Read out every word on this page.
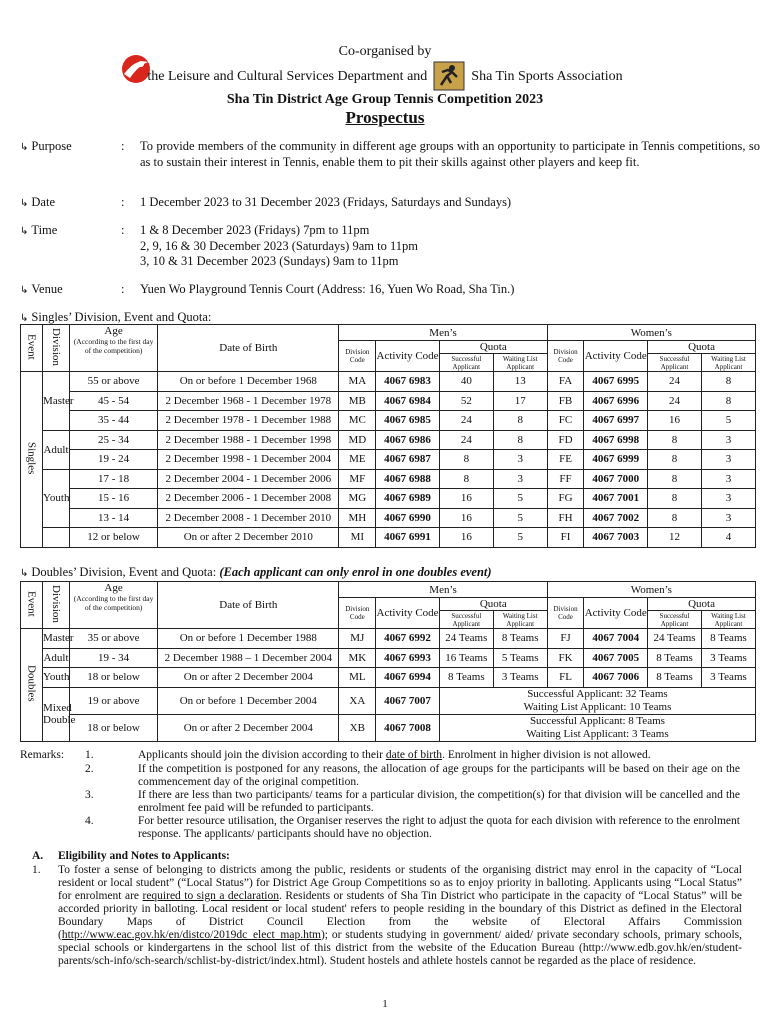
Co-organised by
the Leisure and Cultural Services Department and	Sha Tin Sports Association
Sha Tin District Age Group Tennis Competition 2023
Prospectus
↳ Purpose	: To provide members of the community in different age groups with an opportunity to participate in Tennis competitions, so as to sustain their interest in Tennis, enable them to pit their skills against other players and keep fit.
↳ Date	: 1 December 2023 to 31 December 2023 (Fridays, Saturdays and Sundays)
↳ Time	: 1 & 8 December 2023 (Fridays) 7pm to 11pm
2, 9, 16 & 30 December 2023 (Saturdays) 9am to 11pm
3, 10 & 31 December 2023 (Sundays) 9am to 11pm
↳ Venue	: Yuen Wo Playground Tennis Court (Address: 16, Yuen Wo Road, Sha Tin.)
↳ Singles’ Division, Event and Quota:
Event	Division	Age
(According to the first day of the competition)	Date of Birth	Men’s				Women’s			
				Division Code	Activity Code	Quota		Division Code	Activity Code	Quota	
						Successful Applicant	Waiting List Applicant			Successful Applicant	Waiting List Applicant
Singles	Master	55 or above	On or before 1 December 1968	MA	4067 6983	40	13	FA	4067 6995	24	8
		45 - 54	2 December 1968 - 1 December 1978	MB	4067 6984	52	17	FB	4067 6996	24	8
		35 - 44	2 December 1978 - 1 December 1988	MC	4067 6985	24	8	FC	4067 6997	16	5
	Adult	25 - 34	2 December 1988 - 1 December 1998	MD	4067 6986	24	8	FD	4067 6998	8	3
		19 - 24	2 December 1998 - 1 December 2004	ME	4067 6987	8	3	FE	4067 6999	8	3
	Youth	17 - 18	2 December 2004 - 1 December 2006	MF	4067 6988	8	3	FF	4067 7000	8	3
		15 - 16	2 December 2006 - 1 December 2008	MG	4067 6989	16	5	FG	4067 7001	8	3
		13 - 14	2 December 2008 - 1 December 2010	MH	4067 6990	16	5	FH	4067 7002	8	3
		12 or below	On or after 2 December 2010	MI	4067 6991	16	5	FI	4067 7003	12	4
↳ Doubles’ Division, Event and Quota: (Each applicant can only enrol in one doubles event)
Event	Division	Age
(According to the first day of the competition)	Date of Birth	Men’s				Women’s			
				Division Code	Activity Code	Quota		Division Code	Activity Code	Quota	
						Successful Applicant	Waiting List Applicant			Successful Applicant	Waiting List Applicant
Doubles	Master	35 or above	On or before 1 December 1988	MJ	4067 6992	24 Teams	8 Teams	FJ	4067 7004	24 Teams	8 Teams
	Adult	19 - 34	2 December 1988 – 1 December 2004	MK	4067 6993	16 Teams	5 Teams	FK	4067 7005	8 Teams	3 Teams
	Youth	18 or below	On or after 2 December 2004	ML	4067 6994	8 Teams	3 Teams	FL	4067 7006	8 Teams	3 Teams
	Mixed Double	19 or above	On or before 1 December 2004	XA	4067 7007	Successful Applicant: 32 Teams
Waiting List Applicant: 10 Teams					

		18 or below	On or after 2 December 2004	XB	4067 7008	Successful Applicant: 8 Teams
Waiting List Applicant: 3 Teams					
Remarks: 1.	Applicants should join the division according to their date of birth. Enrolment in higher division is not allowed.
2.	If the competition is postponed for any reasons, the allocation of age groups for the participants will be based on their age on the commencement day of the original competition.
3.	If there are less than two participants/ teams for a particular division, the competition(s) for that division will be cancelled and the enrolment fee paid will be refunded to participants.
4.	For better resource utilisation, the Organiser reserves the right to adjust the quota for each division with reference to the enrolment response. The applicants/ participants should have no objection.
A. Eligibility and Notes to Applicants:
1. To foster a sense of belonging to districts among the public, residents or students of the organising district may enrol in the capacity of “Local resident or local student” (“Local Status”) for District Age Group Competitions so as to enjoy priority in balloting. Applicants using “Local Status” for enrolment are required to sign a declaration. Residents or students of Sha Tin District who participate in the capacity of “Local Status” will be accorded priority in balloting. Local resident or local student' refers to people residing in the boundary of this District as defined in the Electoral Boundary Maps of District Council Election from the website of Electoral Affairs Commission (http://www.eac.gov.hk/en/distco/2019dc_elect_map.htm); or students studying in government/ aided/ private secondary schools, primary schools, special schools or kindergartens in the school list of this district from the website of the Education Bureau (http://www.edb.gov.hk/en/student-parents/sch-info/sch-search/schlist-by-district/index.html). Student hostels and athlete hostels cannot be regarded as the place of residence.
1
